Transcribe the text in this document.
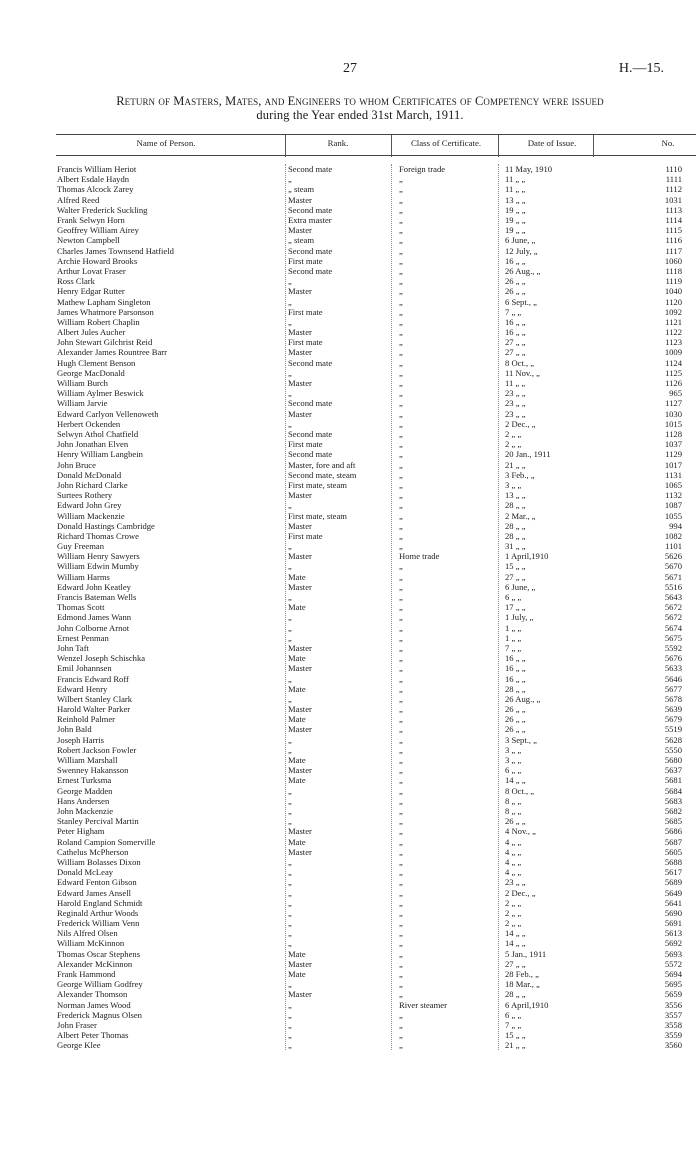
27	H.—15.
Return of Masters, Mates, and Engineers to whom Certificates of Competency were issued
during the Year ended 31st March, 1911.
Name of Person.	Rank.	Class of Certificate.	Date of Issue.	No.
Francis William Heriot	Second mate	Foreign trade	11 May, 1910	1110
Albert Esdale Haydn	„	„	11 „ „	1111
Thomas Alcock Zarey	„ steam	„	11 „ „	1112
Alfred Reed	Master	„	13 „ „	1031
Walter Frederick Suckling	Second mate	„	19 „ „	1113
Frank Selwyn Horn	Extra master	„	19 „ „	1114
Geoffrey William Airey	Master	„	19 „ „	1115
Newton Campbell	„ steam	„	6 June, „	1116
Charles James Townsend Hatfield	Second mate	„	12 July, „	1117
Archie Howard Brooks	First mate	„	16 „ „	1060
Arthur Lovat Fraser	Second mate	„	26 Aug., „	1118
Ross Clark	„	„	26 „ „	1119
Henry Edgar Rutter	Master	„	26 „ „	1040
Mathew Lapham Singleton	„	„	6 Sept., „	1120
James Whatmore Parsonson	First mate	„	7 „ „	1092
William Robert Chaplin	„	„	16 „ „	1121
Albert Jules Aucher	Master	„	16 „ „	1122
John Stewart Gilchrist Reid	First mate	„	27 „ „	1123
Alexander James Rountree Barr	Master	„	27 „ „	1009
Hugh Clement Benson	Second mate	„	8 Oct., „	1124
George MacDonald	„	„	11 Nov., „	1125
William Burch	Master	„	11 „ „	1126
William Aylmer Beswick	„	„	23 „ „	965
William Jarvie	Second mate	„	23 „ „	1127
Edward Carlyon Vellenoweth	Master	„	23 „ „	1030
Herbert Ockenden	„	„	2 Dec., „	1015
Selwyn Athol Chatfield	Second mate	„	2 „ „	1128
John Jonathan Elven	First mate	„	2 „ „	1037
Henry William Langbein	Second mate	„	20 Jan., 1911	1129
John Bruce	Master, fore and aft	„	21 „ „	1017
Donald McDonald	Second mate, steam	„	3 Feb., „	1131
John Richard Clarke	First mate, steam	„	3 „ „	1065
Surtees Rothery	Master	„	13 „ „	1132
Edward John Grey	„	„	28 „ „	1087
William Mackenzie	First mate, steam	„	2 Mar., „	1055
Donald Hastings Cambridge	Master	„	28 „ „	994
Richard Thomas Crowe	First mate	„	28 „ „	1082
Guy Freeman	„	„	31 „ „	1101
William Henry Sawyers	Master	Home trade	1 April,1910	5626
William Edwin Mumby	„	„	15 „ „	5670
William Harms	Mate	„	27 „ „	5671
Edward John Keatley	Master	„	6 June, „	5516
Francis Bateman Wells	„	„	6 „ „	5643
Thomas Scott	Mate	„	17 „ „	5672
Edmond James Wann	„	„	1 July, „	5672
John Colborne Arnot	„	„	1 „ „	5674
Ernest Penman	„	„	1 „ „	5675
John Taft	Master	„	7 „ „	5592
Wenzel Joseph Schischka	Mate	„	16 „ „	5676
Emil Johannsen	Master	„	16 „ „	5633
Francis Edward Roff	„	„	16 „ „	5646
Edward Henry	Mate	„	28 „ „	5677
Wilbert Stanley Clark	„	„	26 Aug., „	5678
Harold Walter Parker	Master	„	26 „ „	5639
Reinhold Palmer	Mate	„	26 „ „	5679
John Bald	Master	„	26 „ „	5519
Joseph Harris	„	„	3 Sept., „	5628
Robert Jackson Fowler	„	„	3 „ „	5550
William Marshall	Mate	„	3 „ „	5680
Swenney Hakansson	Master	„	6 „ „	5637
Ernest Turksma	Mate	„	14 „ „	5681
George Madden	„	„	8 Oct., „	5684
Hans Andersen	„	„	8 „ „	5683
John Mackenzie	„	„	8 „ „	5682
Stanley Percival Martin	„	„	26 „ „	5685
Peter Higham	Master	„	4 Nov., „	5686
Roland Campion Somerville	Mate	„	4 „ „	5687
Cathelus McPherson	Master	„	4 „ „	5605
William Bolasses Dixon	„	„	4 „ „	5688
Donald McLeay	„	„	4 „ „	5617
Edward Fenton Gibson	„	„	23 „ „	5689
Edward James Ansell	„	„	2 Dec., „	5649
Harold England Schmidt	„	„	2 „ „	5641
Reginald Arthur Woods	„	„	2 „ „	5690
Frederick William Venn	„	„	2 „ „	5691
Nils Alfred Olsen	„	„	14 „ „	5613
William McKinnon	„	„	14 „ „	5692
Thomas Oscar Stephens	Mate	„	5 Jan., 1911	5693
Alexander McKinnon	Master	„	27 „ „	5572
Frank Hammond	Mate	„	28 Feb., „	5694
George William Godfrey	„	„	18 Mar., „	5695
Alexander Thomson	Master	„	28 „ „	5659
Norman James Wood	„	River steamer	6 April,1910	3556
Frederick Magnus Olsen	„	„	6 „ „	3557
John Fraser	„	„	7 „ „	3558
Albert Peter Thomas	„	„	15 „ „	3559
George Klee	„	„	21 „ „	3560
